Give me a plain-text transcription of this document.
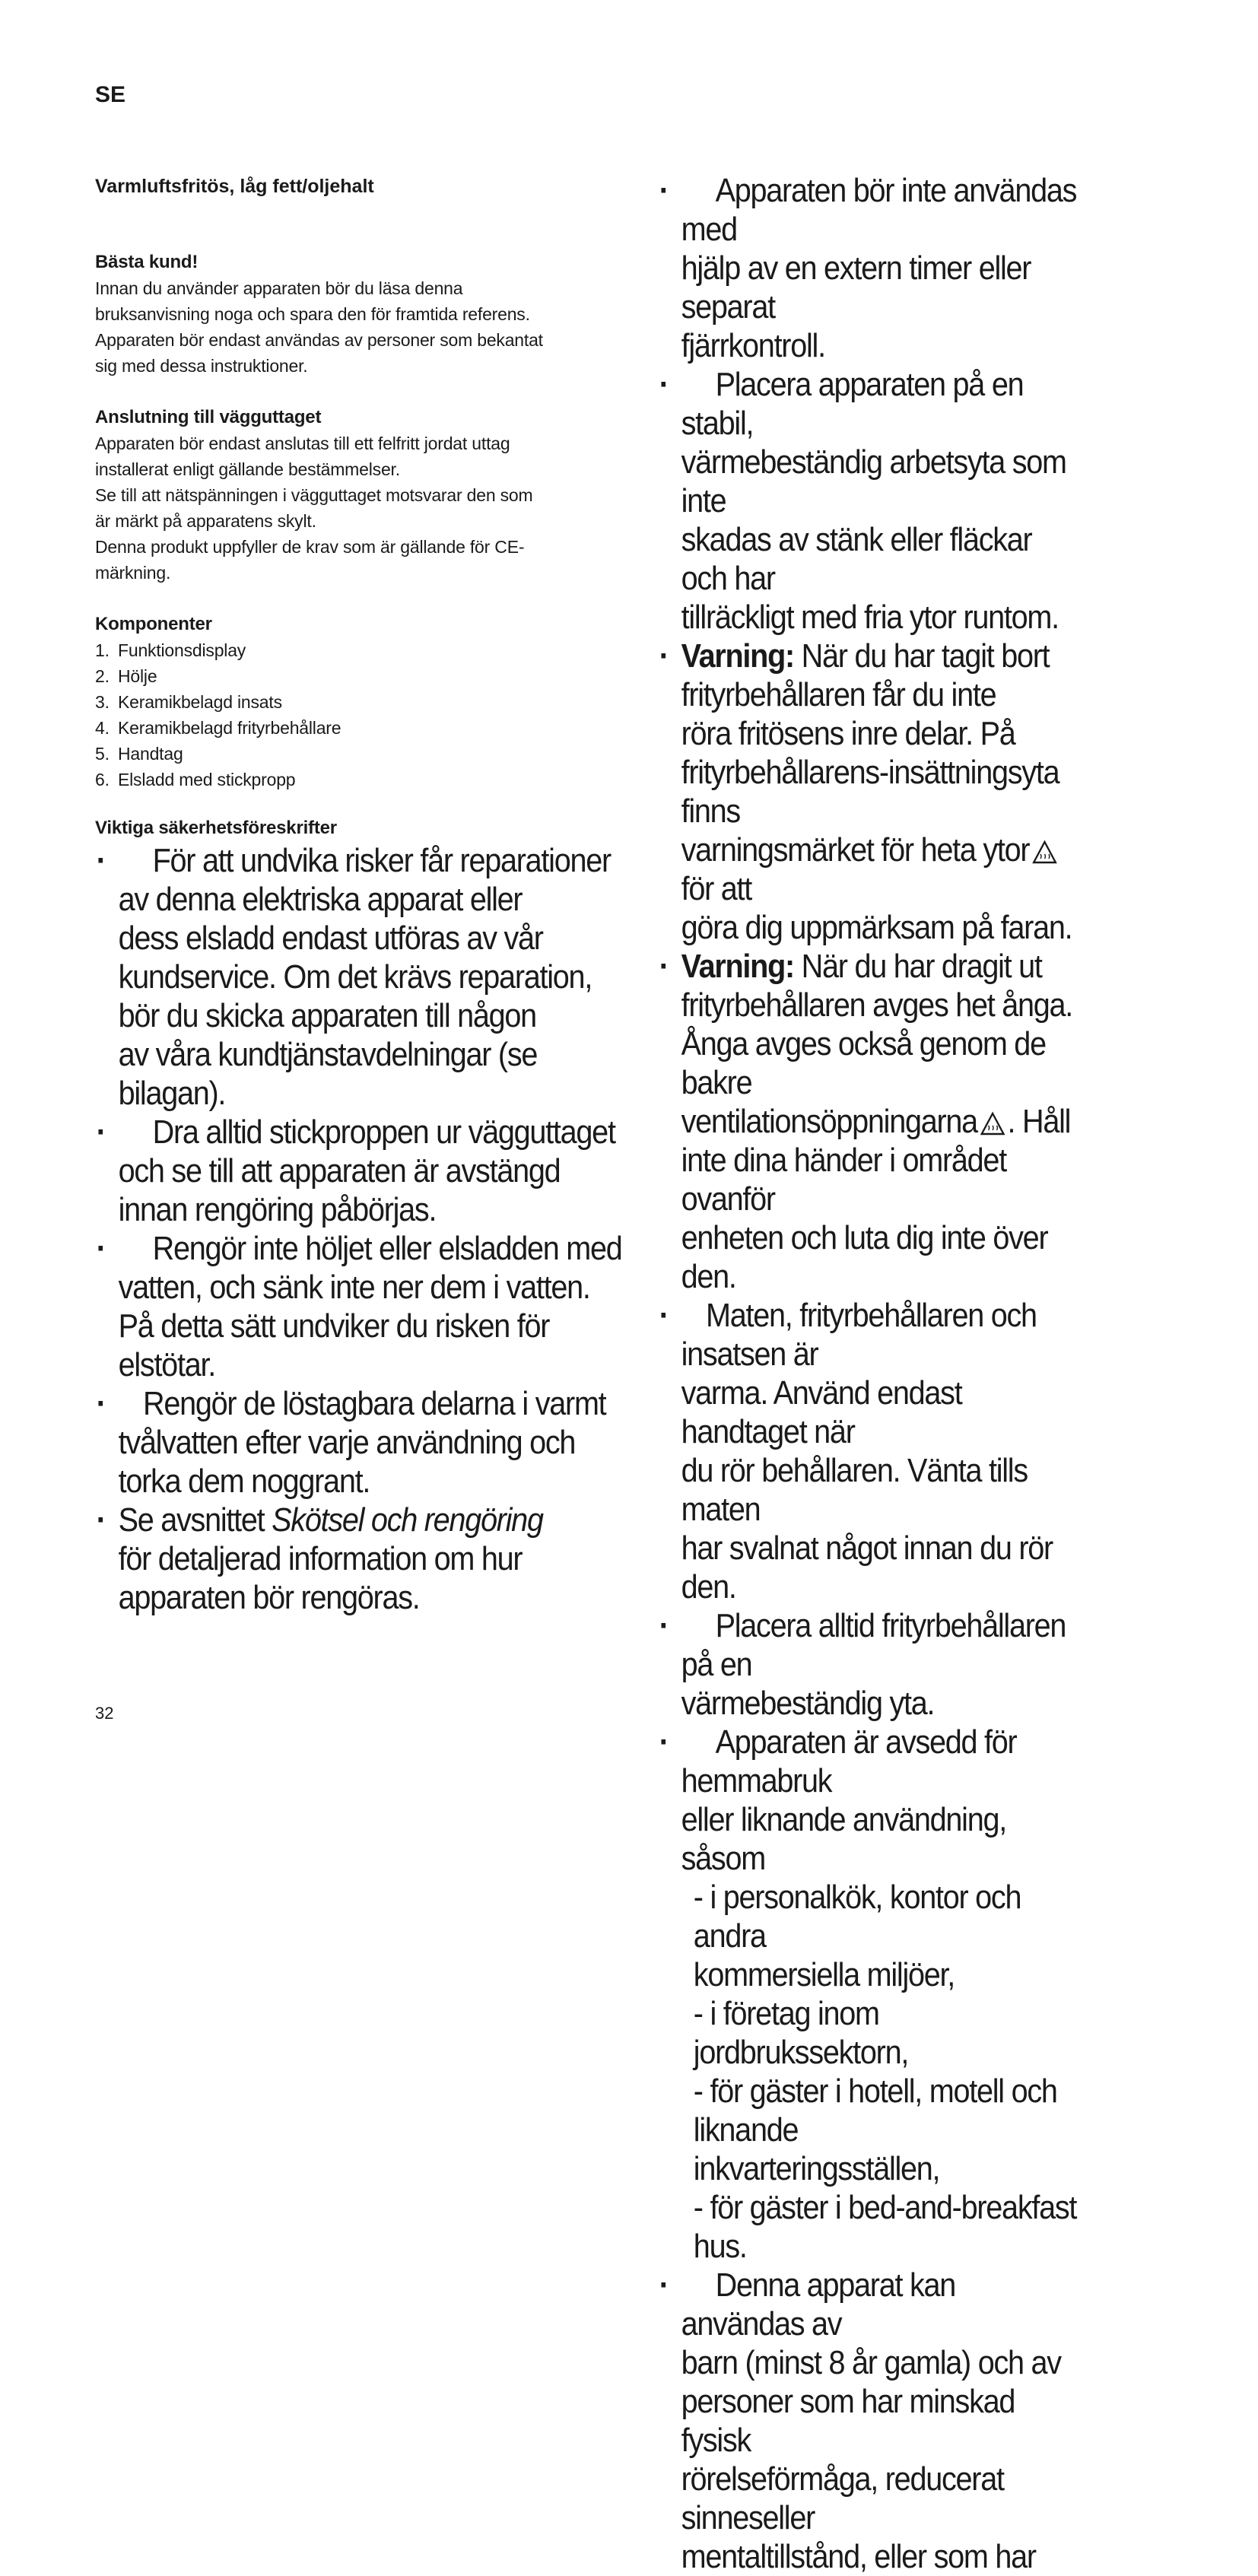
SE
Varmluftsfritös, låg fett/oljehalt
Bästa kund!

Innan du använder apparaten bör du läsa denna

bruksanvisning noga och spara den för framtida referens.

Apparaten bör endast användas av personer som bekantat

sig med dessa instruktioner.

Anslutning till vägguttaget

Apparaten bör endast anslutas till ett felfritt jordat uttag

installerat enligt gällande bestämmelser.

Se till att nätspänningen i vägguttaget motsvarar den som

är märkt på apparatens skylt.

Denna produkt uppfyller de krav som är gällande för CE-

märkning.

Komponenter
1. Funktionsdisplay
2. Hölje
3. Keramikbelagd insats
4. Keramikbelagd frityrbehållare
5. Handtag
6. Elsladd med stickpropp
Viktiga säkerhetsföreskrifter
·	För att undvika risker får reparationer

av denna elektriska apparat eller

dess elsladd endast utföras av vår

kundservice. Om det krävs reparation,

bör du skicka apparaten till någon

av våra kundtjänstavdelningar (se

bilagan).

·	Dra alltid stickproppen ur vägguttaget

och se till att apparaten är avstängd

innan rengöring påbörjas.

·	Rengör inte höljet eller elsladden med

vatten, och sänk inte ner dem i vatten.

På detta sätt undviker du risken för

elstötar.

·	Rengör de löstagbara delarna i varmt

tvålvatten efter varje användning och

torka dem noggrant.

· Se avsnittet Skötsel och rengöring

för detaljerad information om hur

apparaten bör rengöras.

·	Apparaten bör inte användas med

hjälp av en extern timer eller separat

fjärrkontroll.

·	Placera apparaten på en stabil,

värmebeständig arbetsyta som inte

skadas av stänk eller fläckar och har

tillräckligt med fria ytor runtom.

· Varning: När du har tagit bort

frityrbehållaren får du inte

röra fritösens inre delar. På

frityrbehållarens-insättningsyta finns

varningsmärket för heta ytorför att

göra dig uppmärksam på faran.

· Varning: När du har dragit ut

frityrbehållaren avges het ånga.

Ånga avges också genom de bakre

ventilationsöppningarna . Håll

inte dina händer i området ovanför

enheten och luta dig inte över den.

·	Maten, frityrbehållaren och insatsen är

varma. Använd endast handtaget när

du rör behållaren. Vänta tills maten

har svalnat något innan du rör den.

·	Placera alltid frityrbehållaren på en

värmebeständig yta.

·	Apparaten är avsedd för hemmabruk

eller liknande användning, såsom

- i personalkök, kontor och andra

kommersiella miljöer,

- i företag inom jordbrukssektorn,

- för gäster i hotell, motell och liknande

inkvarteringsställen,

- för gäster i bed-and-breakfast hus.

·	Denna apparat kan användas av

barn (minst 8 år gamla) och av

personer som har minskad fysisk

rörelseförmåga, reducerat sinneseller

mentaltillstånd, eller som har

32
